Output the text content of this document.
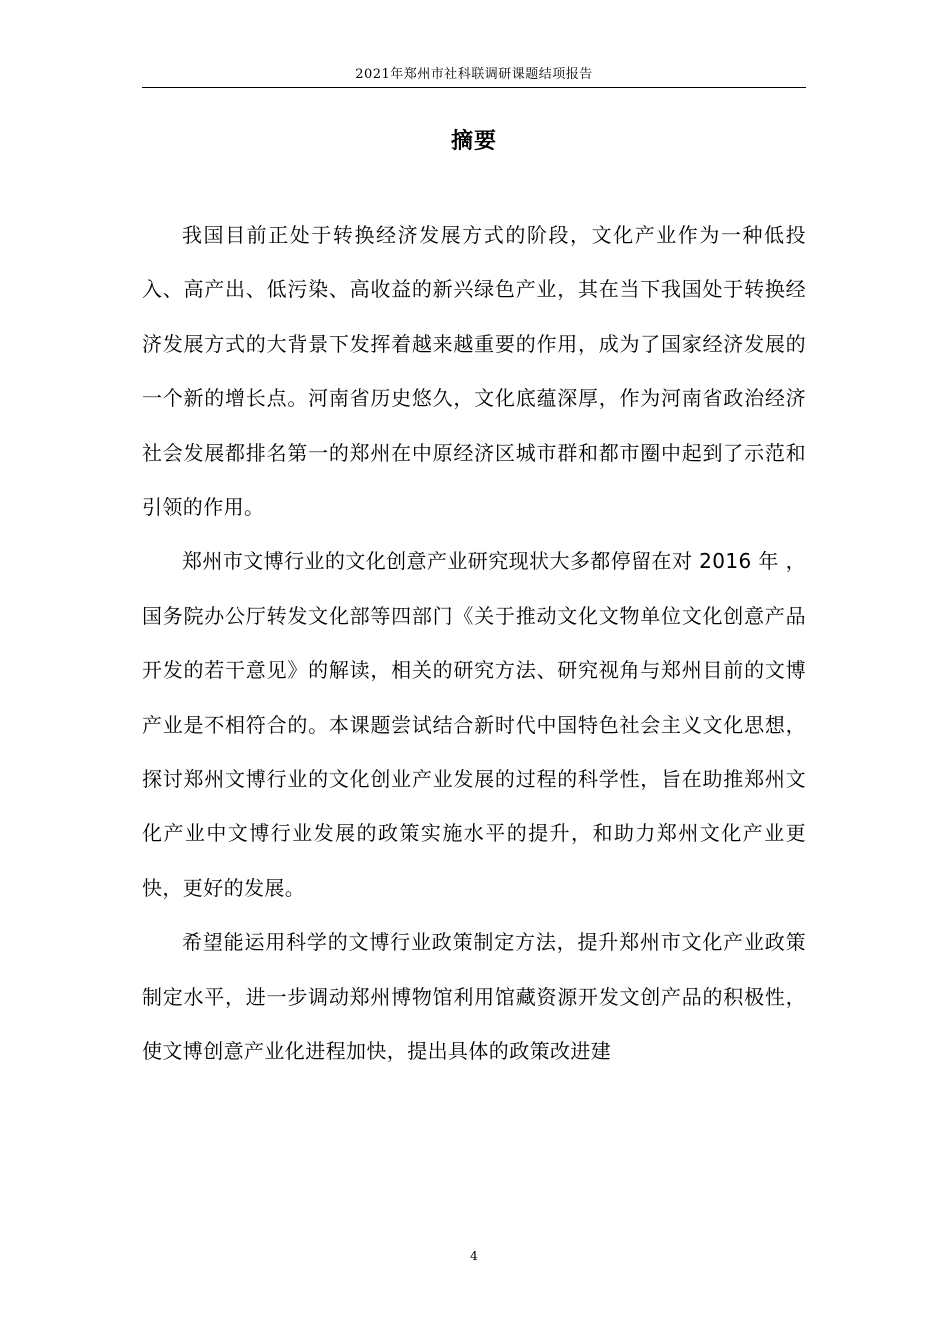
2021年郑州市社科联调研课题结项报告
摘要

我国目前正处于转换经济发展方式的阶段，文化产业作为一种低投入、高产出、低污染、高收益的新兴绿色产业，其在当下我国处于转换经济发展方式的大背景下发挥着越来越重要的作用，成为了国家经济发展的一个新的增长点。河南省历史悠久，文化底蕴深厚，作为河南省政治经济社会发展都排名第一的郑州在中原经济区城市群和都市圈中起到了示范和引领的作用。

郑州市文博行业的文化创意产业研究现状大多都停留在对 2016 年 ，国务院办公厅转发文化部等四部门《关于推动文化文物单位文化创意产品开发的若干意见》的解读，相关的研究方法、研究视角与郑州目前的文博产业是不相符合的。本课题尝试结合新时代中国特色社会主义文化思想，探讨郑州文博行业的文化创业产业发展的过程的科学性，旨在助推郑州文化产业中文博行业发展的政策实施水平的提升，和助力郑州文化产业更快，更好的发展。

希望能运用科学的文博行业政策制定方法，提升郑州市文化产业政策制定水平，进一步调动郑州博物馆利用馆藏资源开发文创产品的积极性，使文博创意产业化进程加快，提出具体的政策改进建

4
